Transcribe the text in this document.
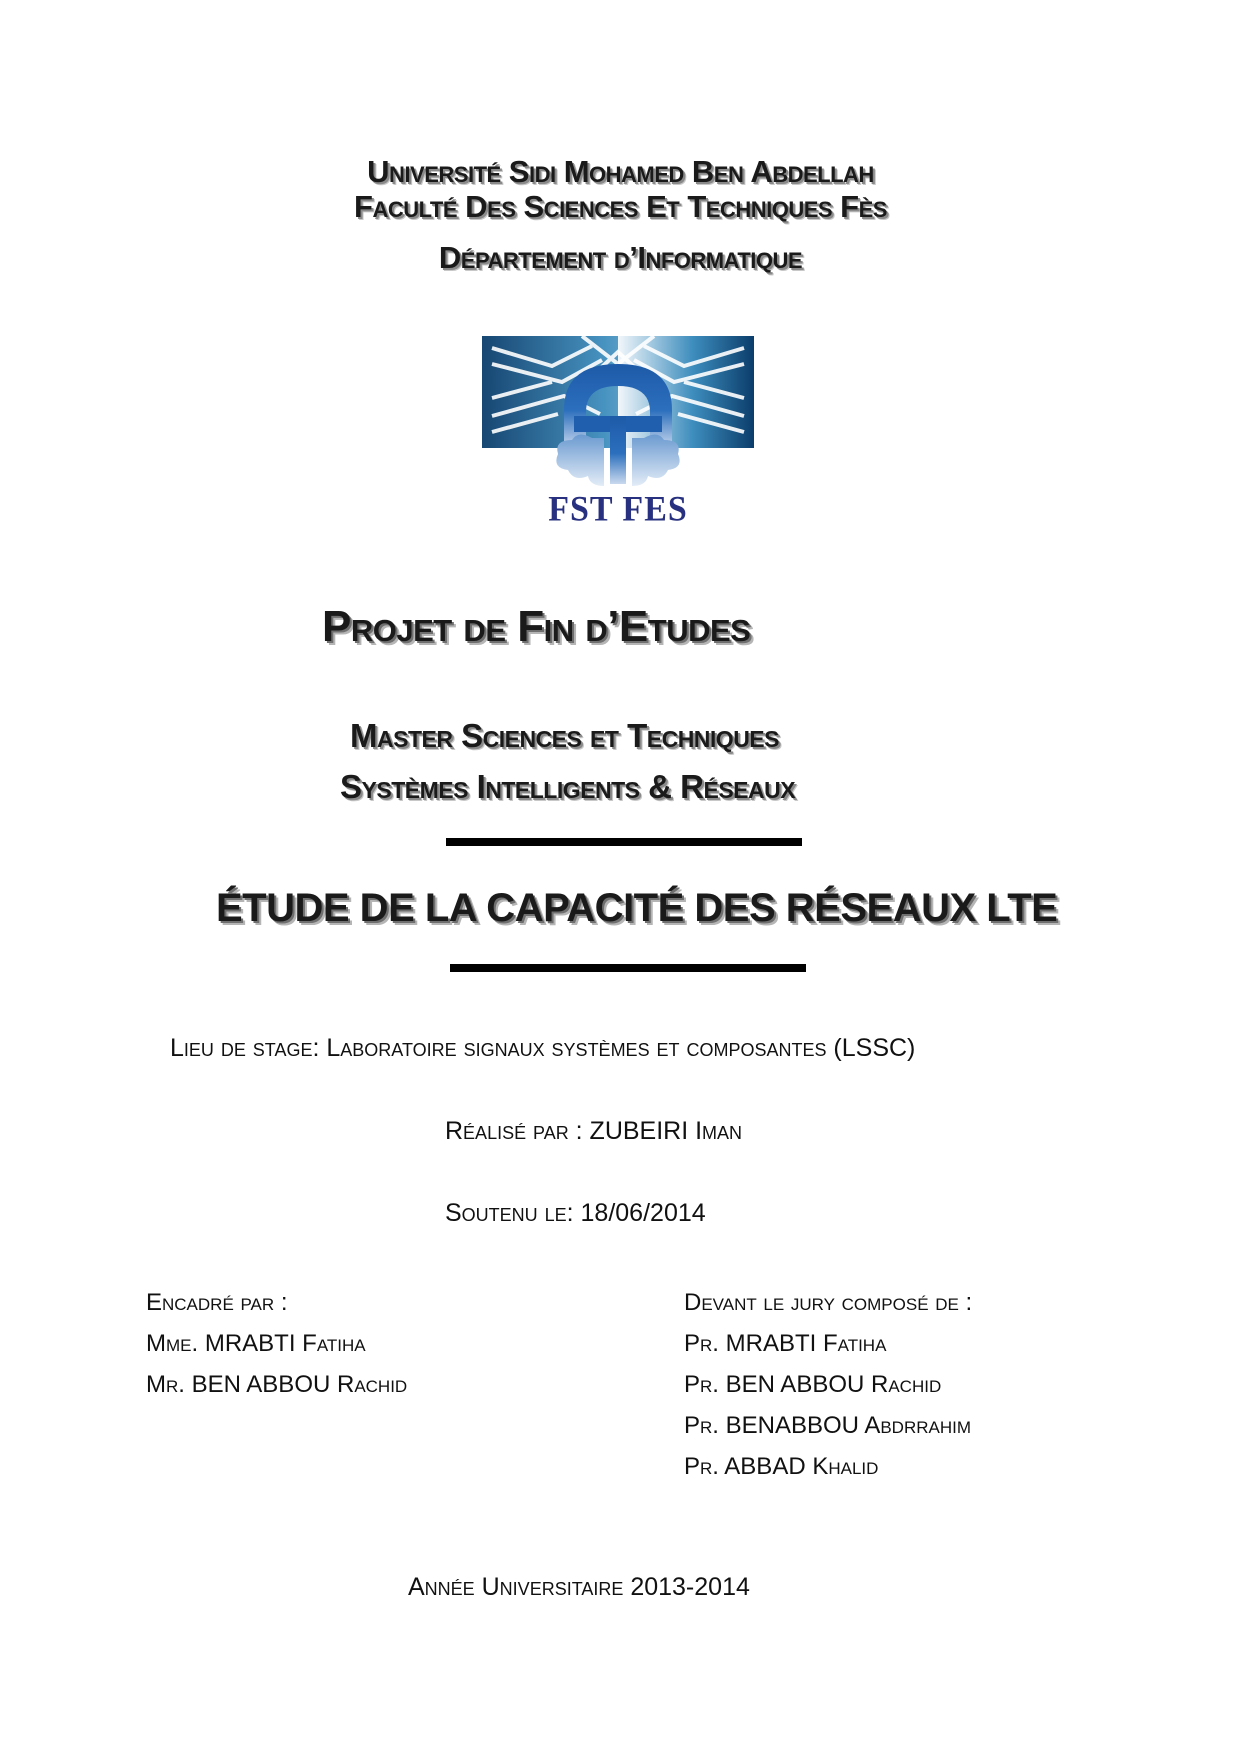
Université Sidi Mohamed Ben Abdellah
Faculté Des Sciences Et Techniques Fès
Département d’Informatique
FST FES
Projet de Fin d’Etudes
Master Sciences et Techniques
Systèmes Intelligents & Réseaux
ÉTUDE DE LA CAPACITÉ DES RÉSEAUX LTE
Lieu de stage: Laboratoire signaux systèmes et composantes (LSSC)
Réalisé par : ZUBEIRI Iman
Soutenu le: 18/06/2014
Encadré par :
Mme. MRABTI Fatiha
Mr. BEN ABBOU Rachid
Devant le jury composé de :
Pr. MRABTI Fatiha
Pr. BEN ABBOU Rachid
Pr. BENABBOU Abdrrahim
Pr. ABBAD Khalid
Année Universitaire 2013-2014
